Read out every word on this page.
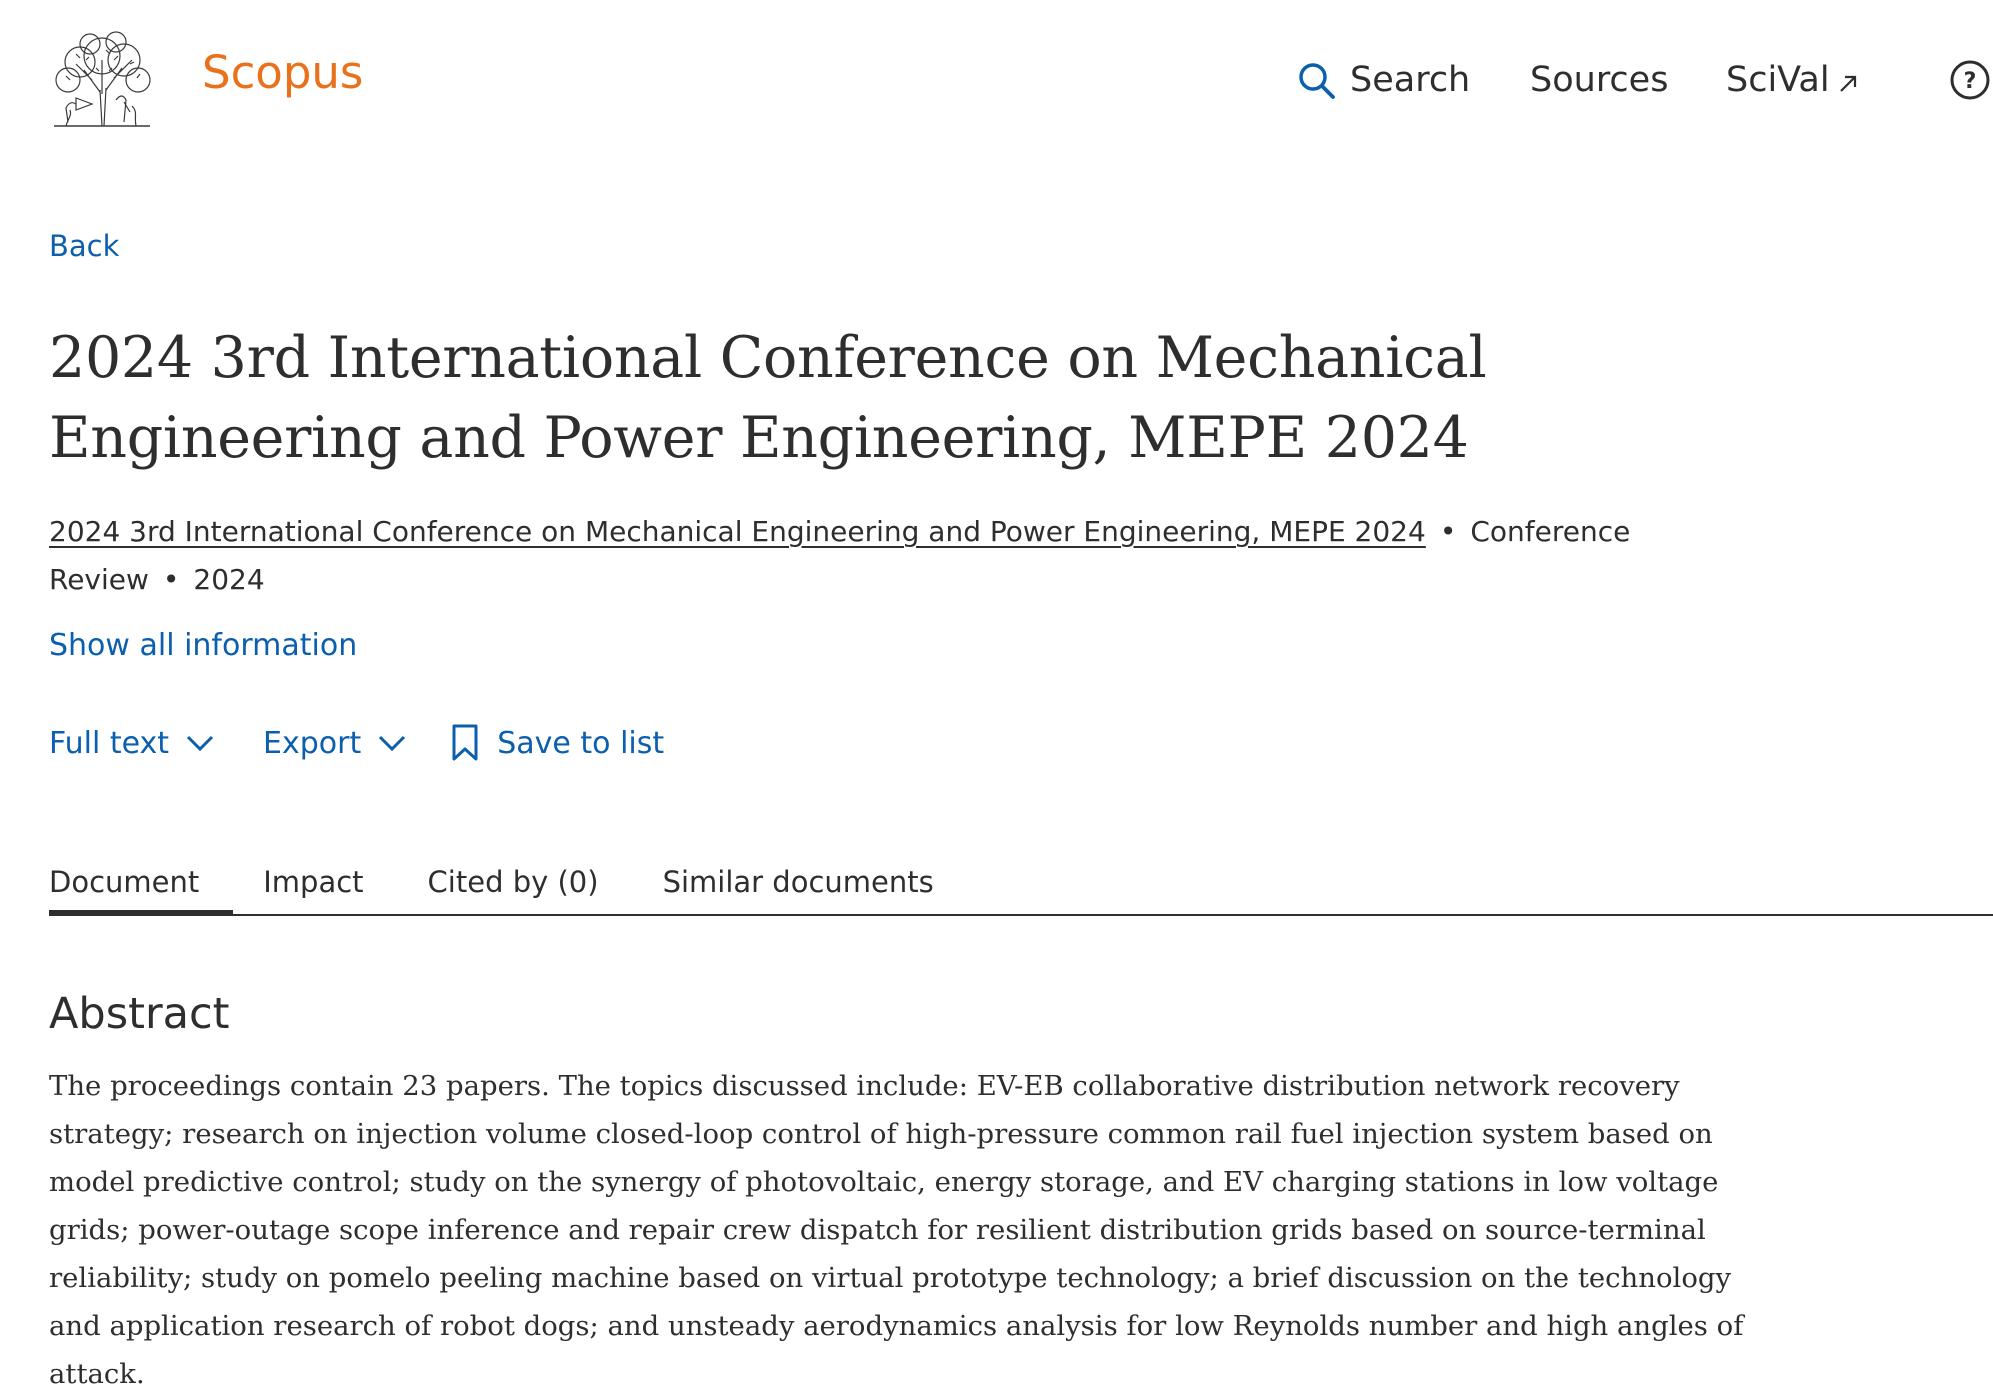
Scopus	Search Sources SciVal	?
Back
2024 3rd International Conference on Mechanical Engineering and Power Engineering, MEPE 2024
2024 3rd International Conference on Mechanical Engineering and Power Engineering, MEPE 2024 • Conference Review • 2024
Show all information
Full text	Export	Save to list
Document Impact Cited by (0) Similar documents
Abstract

The proceedings contain 23 papers. The topics discussed include: EV-EB collaborative distribution network recovery strategy; research on injection volume closed-loop control of high-pressure common rail fuel injection system based on model predictive control; study on the synergy of photovoltaic, energy storage, and EV charging stations in low voltage grids; power-outage scope inference and repair crew dispatch for resilient distribution grids based on source-terminal reliability; study on pomelo peeling machine based on virtual prototype technology; a brief discussion on the technology and application research of robot dogs; and unsteady aerodynamics analysis for low Reynolds number and high angles of attack.
